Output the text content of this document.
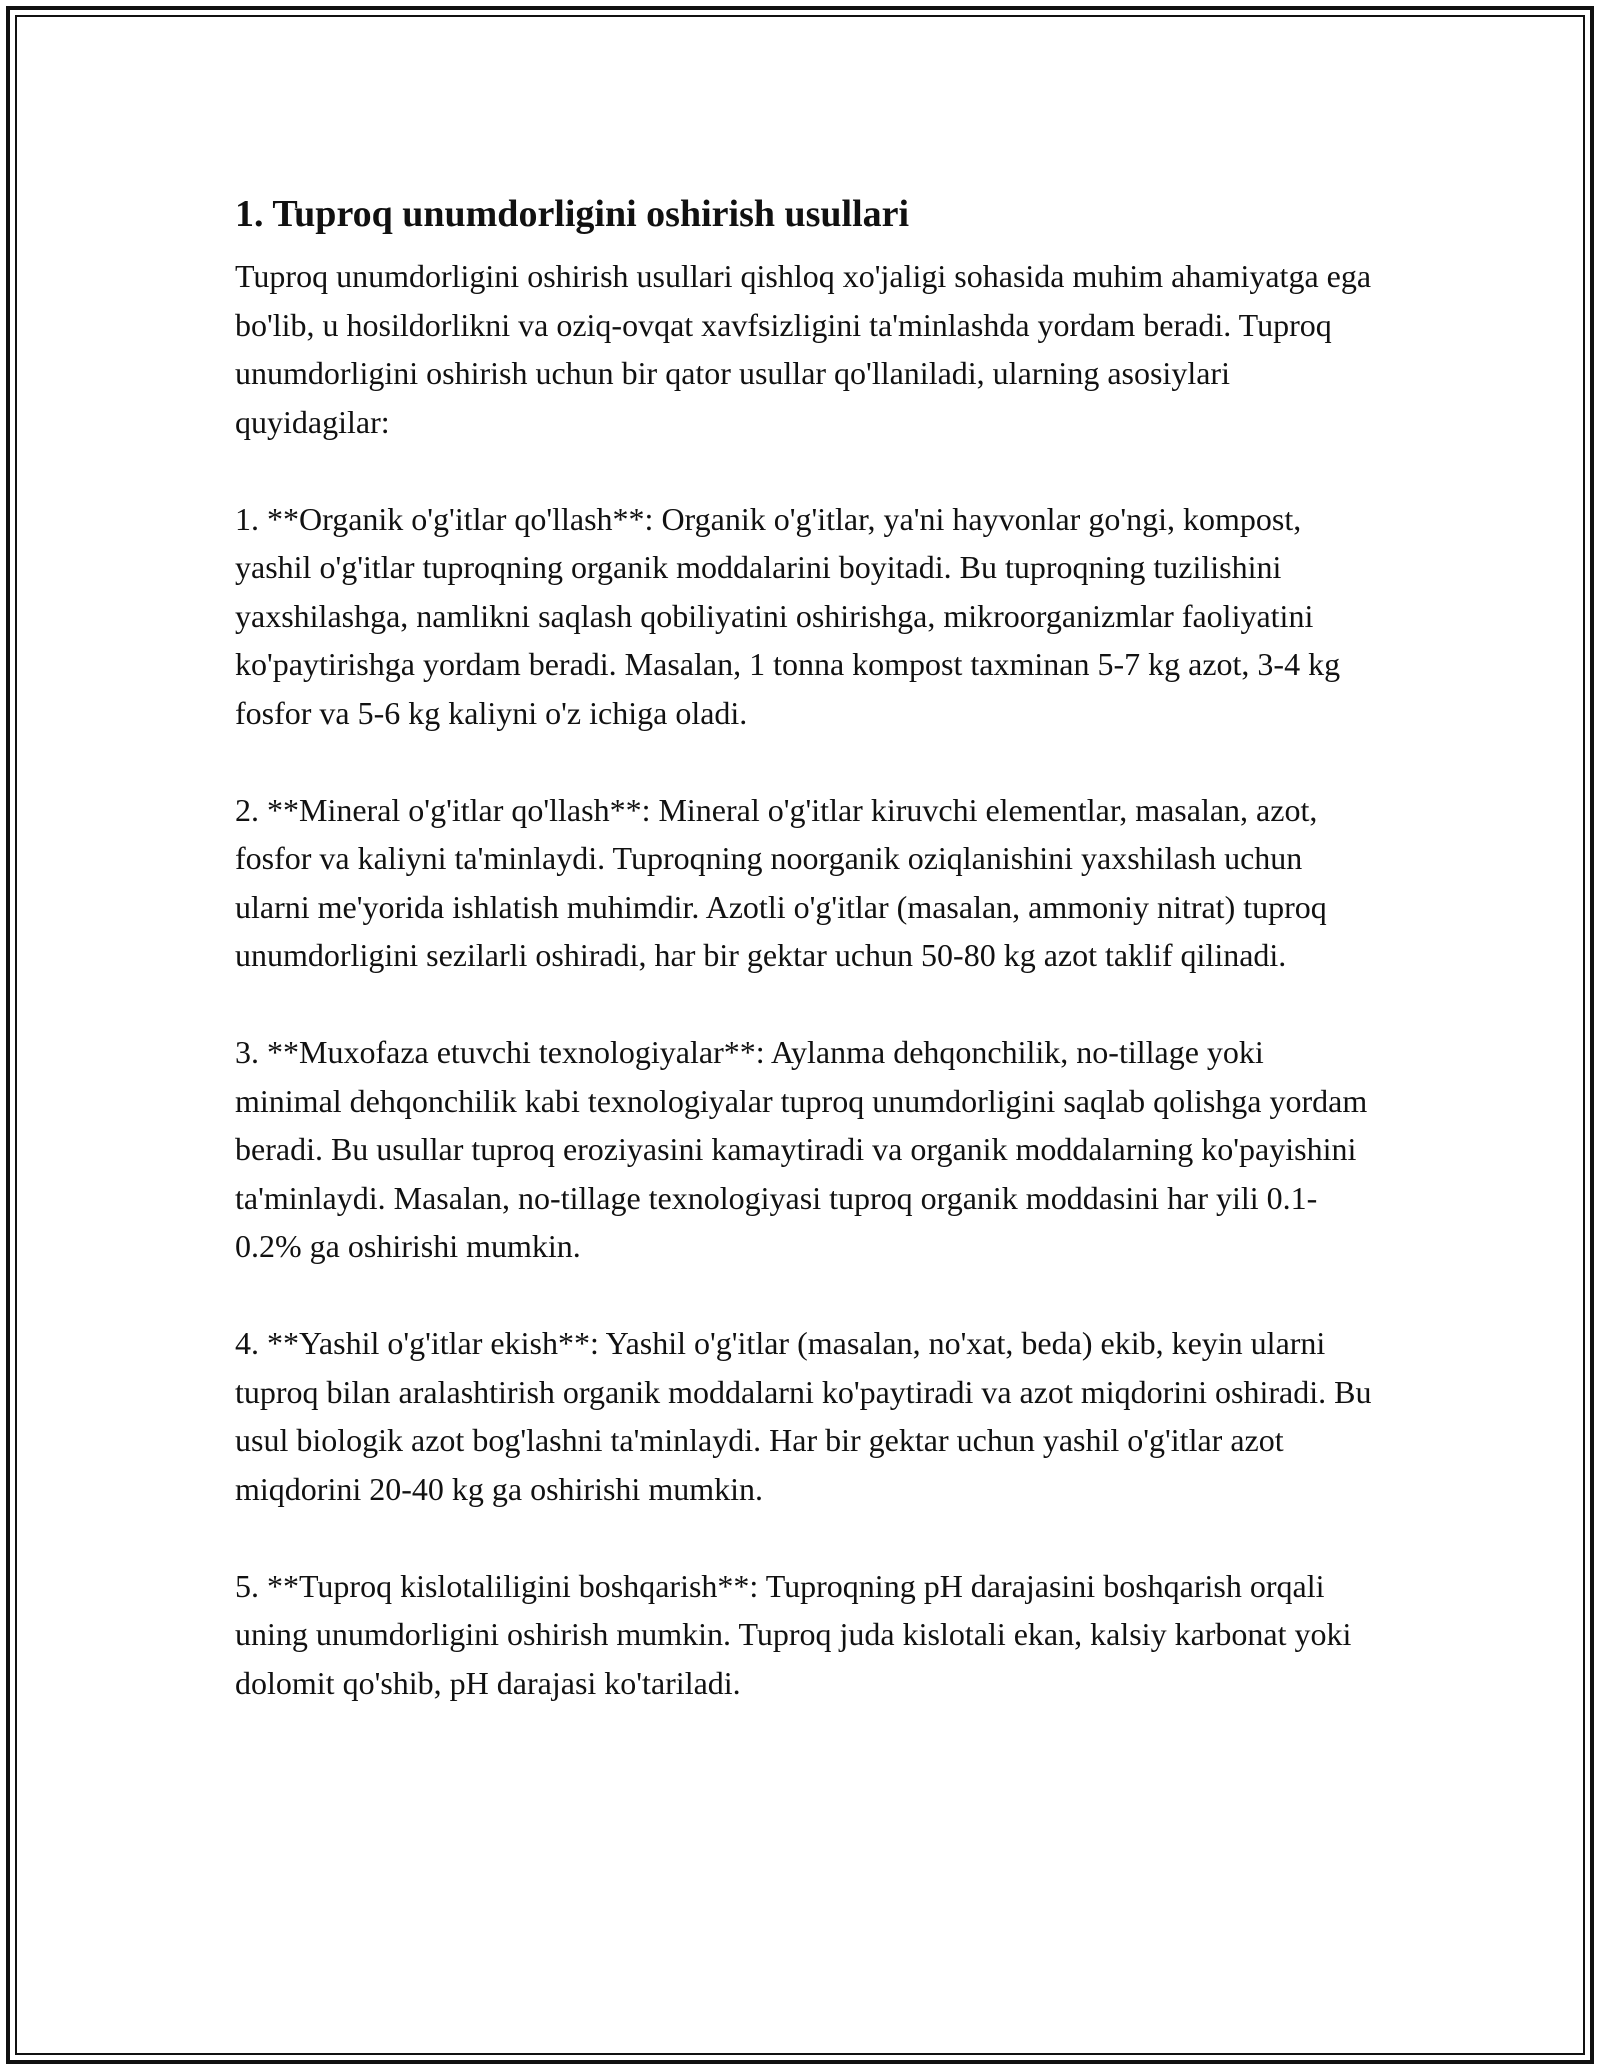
1. Tuproq unumdorligini oshirish usullari

Tuproq unumdorligini oshirish usullari qishloq xo'jaligi sohasida muhim ahamiyatga ega bo'lib, u hosildorlikni va oziq-ovqat xavfsizligini ta'minlashda yordam beradi. Tuproq unumdorligini oshirish uchun bir qator usullar qo'llaniladi, ularning asosiylari quyidagilar:

1. **Organik o'g'itlar qo'llash**: Organik o'g'itlar, ya'ni hayvonlar go'ngi, kompost, yashil o'g'itlar tuproqning organik moddalarini boyitadi. Bu tuproqning tuzilishini yaxshilashga, namlikni saqlash qobiliyatini oshirishga, mikroorganizmlar faoliyatini ko'paytirishga yordam beradi. Masalan, 1 tonna kompost taxminan 5-7 kg azot, 3-4 kg fosfor va 5-6 kg kaliyni o'z ichiga oladi.

2. **Mineral o'g'itlar qo'llash**: Mineral o'g'itlar kiruvchi elementlar, masalan, azot, fosfor va kaliyni ta'minlaydi. Tuproqning noorganik oziqlanishini yaxshilash uchun ularni me'yorida ishlatish muhimdir. Azotli o'g'itlar (masalan, ammoniy nitrat) tuproq unumdorligini sezilarli oshiradi, har bir gektar uchun 50-80 kg azot taklif qilinadi.

3. **Muxofaza etuvchi texnologiyalar**: Aylanma dehqonchilik, no-tillage yoki minimal dehqonchilik kabi texnologiyalar tuproq unumdorligini saqlab qolishga yordam beradi. Bu usullar tuproq eroziyasini kamaytiradi va organik moddalarning ko'payishini ta'minlaydi. Masalan, no-tillage texnologiyasi tuproq organik moddasini har yili 0.1-0.2% ga oshirishi mumkin.

4. **Yashil o'g'itlar ekish**: Yashil o'g'itlar (masalan, no'xat, beda) ekib, keyin ularni tuproq bilan aralashtirish organik moddalarni ko'paytiradi va azot miqdorini oshiradi. Bu usul biologik azot bog'lashni ta'minlaydi. Har bir gektar uchun yashil o'g'itlar azot miqdorini 20-40 kg ga oshirishi mumkin.

5. **Tuproq kislotaliligini boshqarish**: Tuproqning pH darajasini boshqarish orqali uning unumdorligini oshirish mumkin. Tuproq juda kislotali ekan, kalsiy karbonat yoki dolomit qo'shib, pH darajasi ko'tariladi.
